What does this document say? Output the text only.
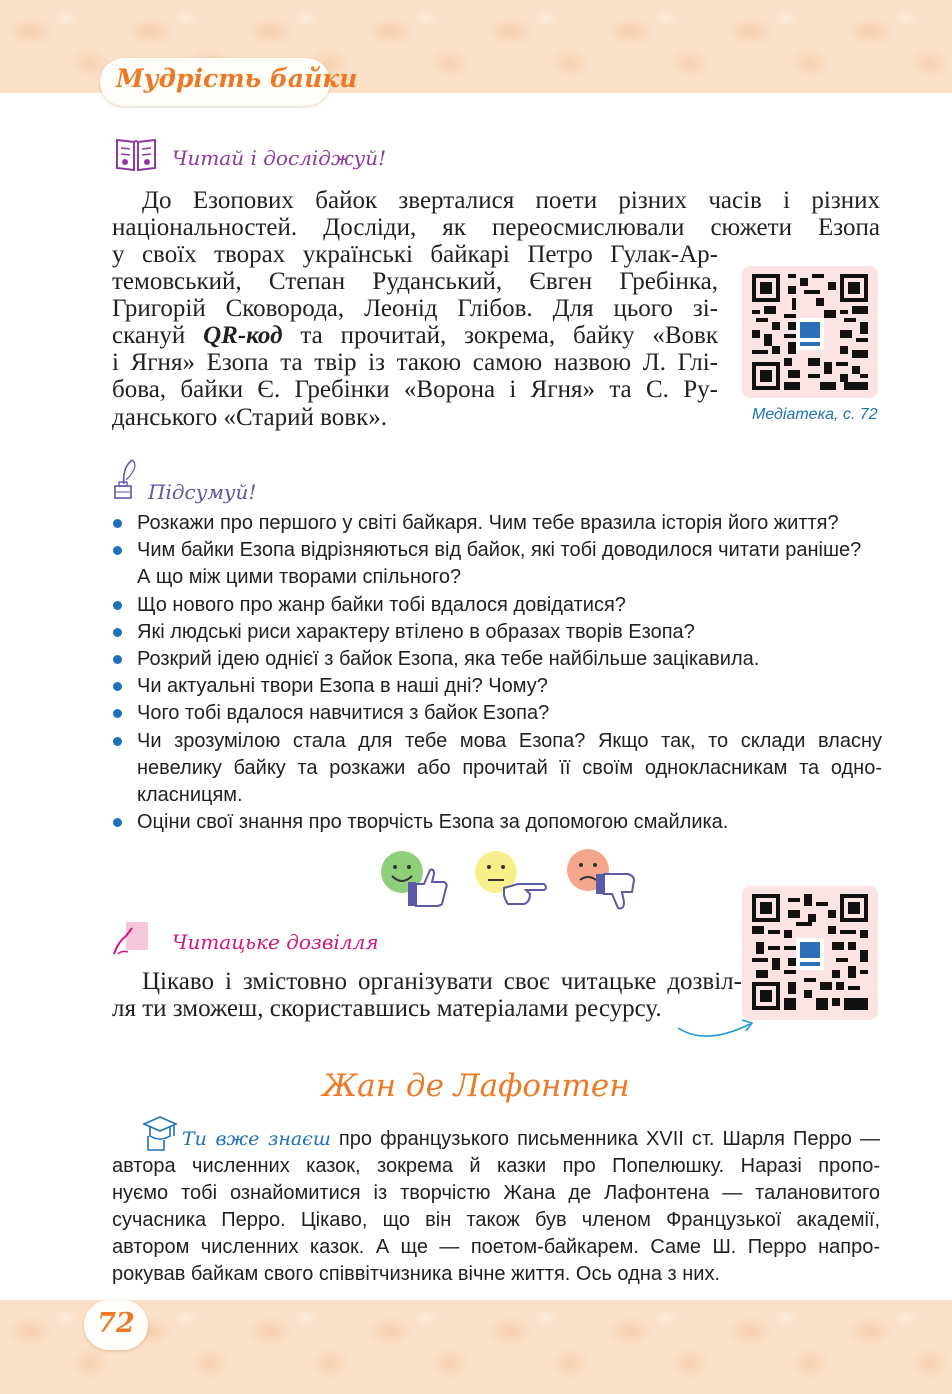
Мудрість байки
Читай і досліджуй!
До Езопових байок зверталися поети різних часів і різних
національностей. Досліди, як переосмислювали сюжети Езопа
у своїх творах українські байкарі Петро Гулак-Ар-
темовський, Степан Руданський, Євген Гребінка,
Григорій Сковорода, Леонід Глібов. Для цього зі-
скануй QR-код та прочитай, зокрема, байку «Вовк
і Ягня» Езопа та твір із такою самою назвою Л. Глі-
бова, байки Є. Гребінки «Ворона і Ягня» та С. Ру-
данського «Старий вовк».	Медіатека, с. 72
Підсумуй!
Розкажи про першого у світі байкаря. Чим тебе вразила історія його життя?
Чим байки Езопа відрізняються від байок, які тобі доводилося читати раніше?
А що між цими творами спільного?
Що нового про жанр байки тобі вдалося довідатися?
Які людські риси характеру втілено в образах творів Езопа?
Розкрий ідею однієї з байок Езопа, яка тебе найбільше зацікавила.
Чи актуальні твори Езопа в наші дні? Чому?
Чого тобі вдалося навчитися з байок Езопа?
Чи зрозумілою стала для тебе мова Езопа? Якщо так, то склади власну
невелику байку та розкажи або прочитай її своїм однокласникам та одно-
класницям.
Оціни свої знання про творчість Езопа за допомогою смайлика.
Читацьке дозвілля
Цікаво і змістовно організувати своє читацьке дозвіл-
ля ти зможеш, скориставшись матеріалами ресурсу.
Жан де Лафонтен
Ти вже знаєш про французького письменника XVII ст. Шарля Перро —
автора численних казок, зокрема й казки про Попелюшку. Наразі пропо-
нуємо тобі ознайомитися із творчістю Жана де Лафонтена — талановитого
сучасника Перро. Цікаво, що він також був членом Французької академії,
автором численних казок. А ще — поетом-байкарем. Саме Ш. Перро напро-
рокував байкам свого співвітчизника вічне життя. Ось одна з них.
72
